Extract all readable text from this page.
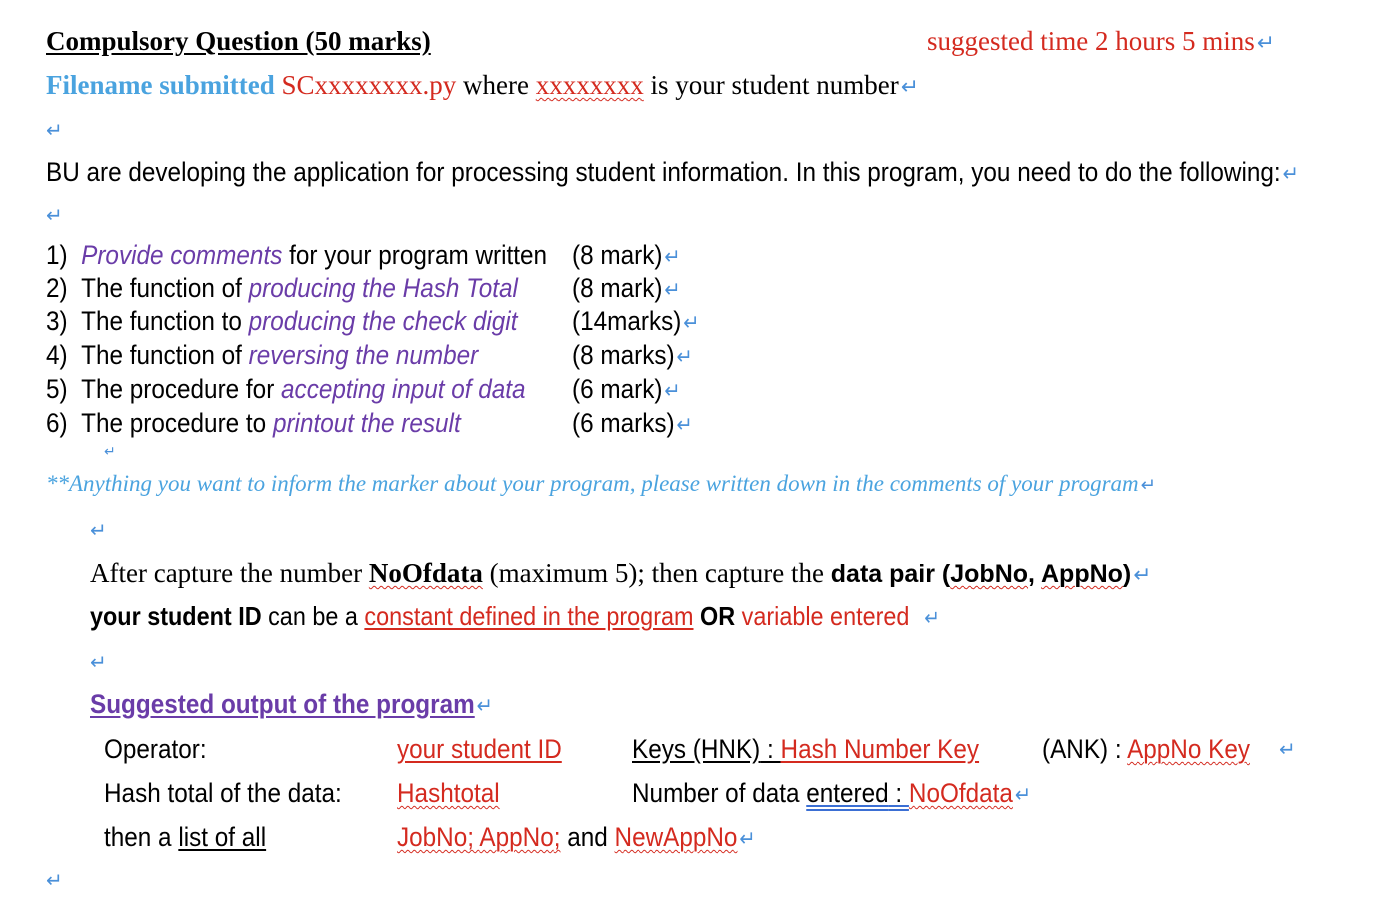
Compulsory Question (50 marks)	suggested time 2 hours 5 mins↵
Filename submitted SCxxxxxxxx.py where xxxxxxxx is your student number↵
↵
BU are developing the application for processing student information. In this program, you need to do the following:↵
↵
1) Provide comments for your program written (8 mark)↵
2) The function of producing the Hash Total	(8 mark)↵
3) The function to producing the check digit	(14marks)↵
4) The function of reversing the number	(8 marks)↵
5) The procedure for accepting input of data	(6 mark)↵
6) The procedure to printout the result	(6 marks)↵
↵
**Anything you want to inform the marker about your program, please written down in the comments of your program ↵
↵
After capture the number NoOfdata (maximum 5); then capture the data pair (JobNo, AppNo)↵
your student ID can be a constant defined in the program OR variable entered ↵
↵
Suggested output of the program↵
Operator:	your student ID	Keys (HNK) : Hash Number Key	(ANK) : AppNo Key	↵
Hash total of the data:	Hashtotal	Number of data entered : NoOfdata↵
then a list of all	JobNo; AppNo; and NewAppNo↵
↵
